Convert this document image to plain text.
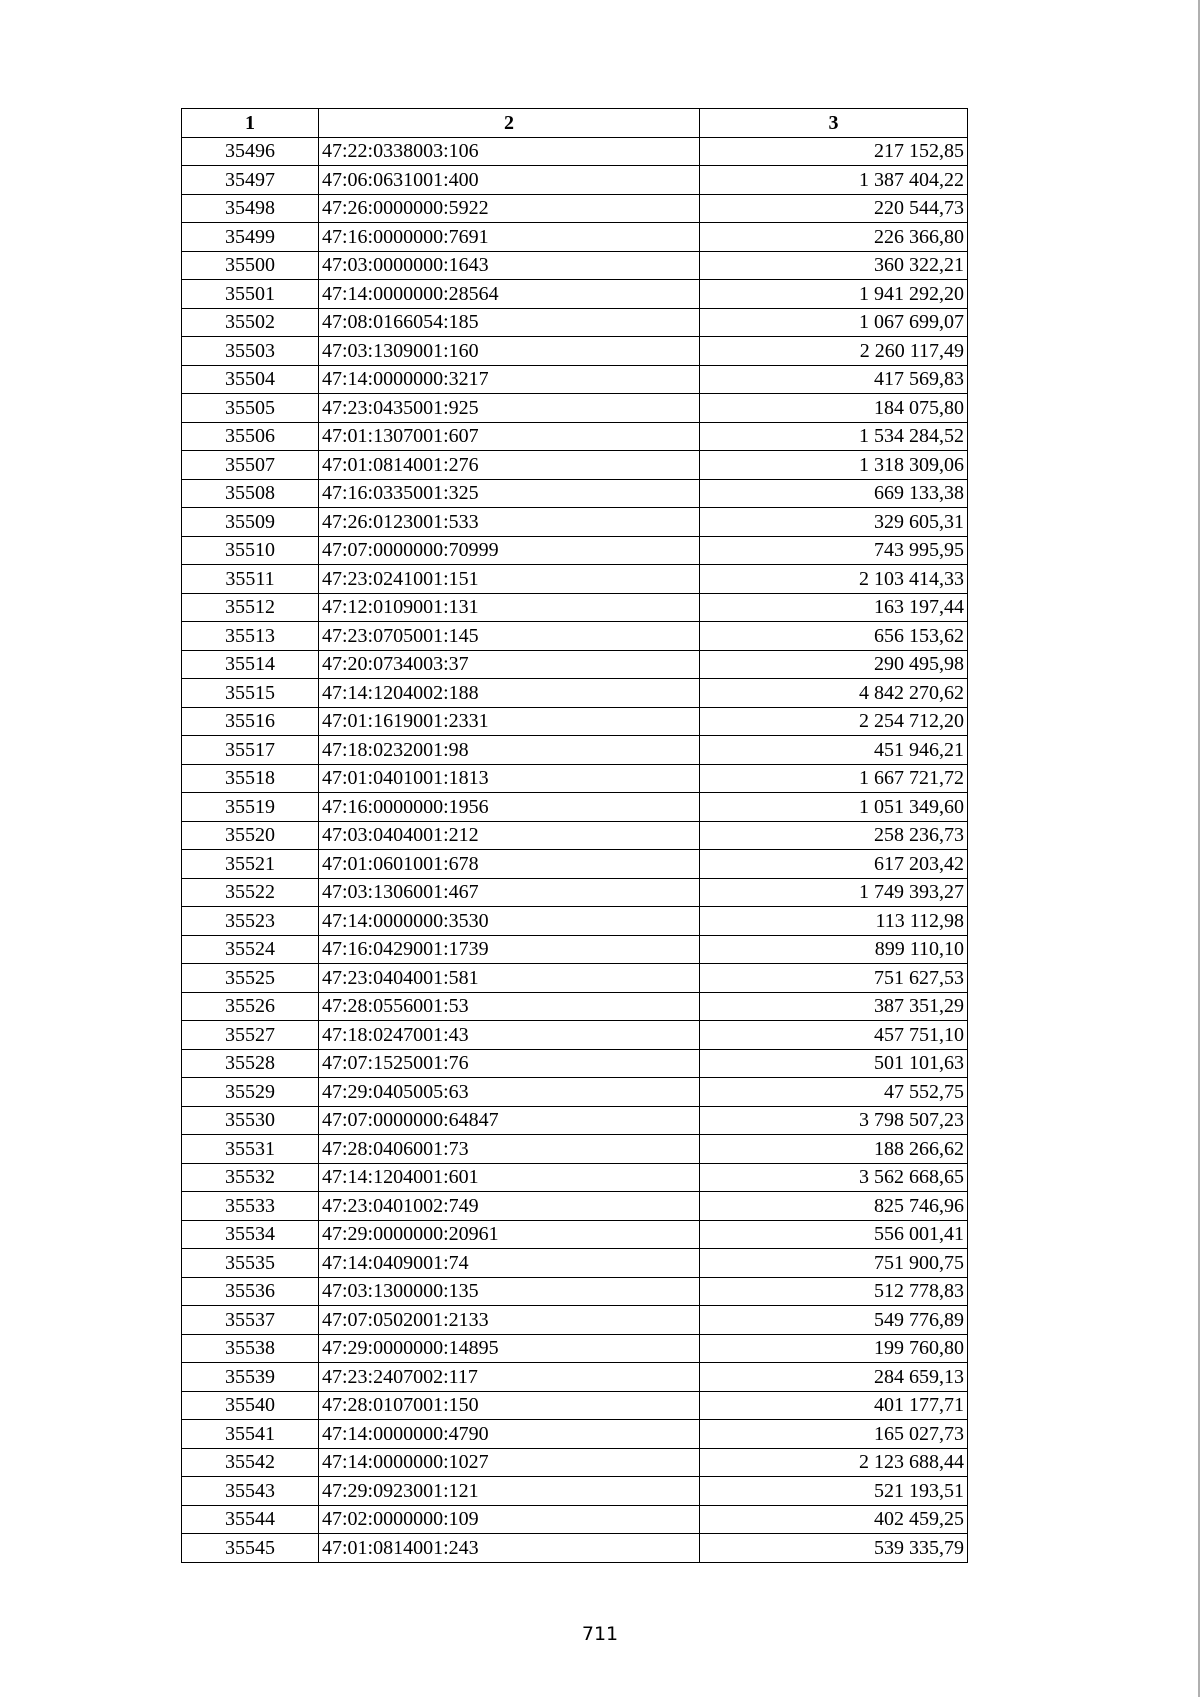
1	2	3
35496	47:22:0338003:106	217 152,85
35497	47:06:0631001:400	1 387 404,22
35498	47:26:0000000:5922	220 544,73
35499	47:16:0000000:7691	226 366,80
35500	47:03:0000000:1643	360 322,21
35501	47:14:0000000:28564	1 941 292,20
35502	47:08:0166054:185	1 067 699,07
35503	47:03:1309001:160	2 260 117,49
35504	47:14:0000000:3217	417 569,83
35505	47:23:0435001:925	184 075,80
35506	47:01:1307001:607	1 534 284,52
35507	47:01:0814001:276	1 318 309,06
35508	47:16:0335001:325	669 133,38
35509	47:26:0123001:533	329 605,31
35510	47:07:0000000:70999	743 995,95
35511	47:23:0241001:151	2 103 414,33
35512	47:12:0109001:131	163 197,44
35513	47:23:0705001:145	656 153,62
35514	47:20:0734003:37	290 495,98
35515	47:14:1204002:188	4 842 270,62
35516	47:01:1619001:2331	2 254 712,20
35517	47:18:0232001:98	451 946,21
35518	47:01:0401001:1813	1 667 721,72
35519	47:16:0000000:1956	1 051 349,60
35520	47:03:0404001:212	258 236,73
35521	47:01:0601001:678	617 203,42
35522	47:03:1306001:467	1 749 393,27
35523	47:14:0000000:3530	113 112,98
35524	47:16:0429001:1739	899 110,10
35525	47:23:0404001:581	751 627,53
35526	47:28:0556001:53	387 351,29
35527	47:18:0247001:43	457 751,10
35528	47:07:1525001:76	501 101,63
35529	47:29:0405005:63	47 552,75
35530	47:07:0000000:64847	3 798 507,23
35531	47:28:0406001:73	188 266,62
35532	47:14:1204001:601	3 562 668,65
35533	47:23:0401002:749	825 746,96
35534	47:29:0000000:20961	556 001,41
35535	47:14:0409001:74	751 900,75
35536	47:03:1300000:135	512 778,83
35537	47:07:0502001:2133	549 776,89
35538	47:29:0000000:14895	199 760,80
35539	47:23:2407002:117	284 659,13
35540	47:28:0107001:150	401 177,71
35541	47:14:0000000:4790	165 027,73
35542	47:14:0000000:1027	2 123 688,44
35543	47:29:0923001:121	521 193,51
35544	47:02:0000000:109	402 459,25
35545	47:01:0814001:243	539 335,79
711
